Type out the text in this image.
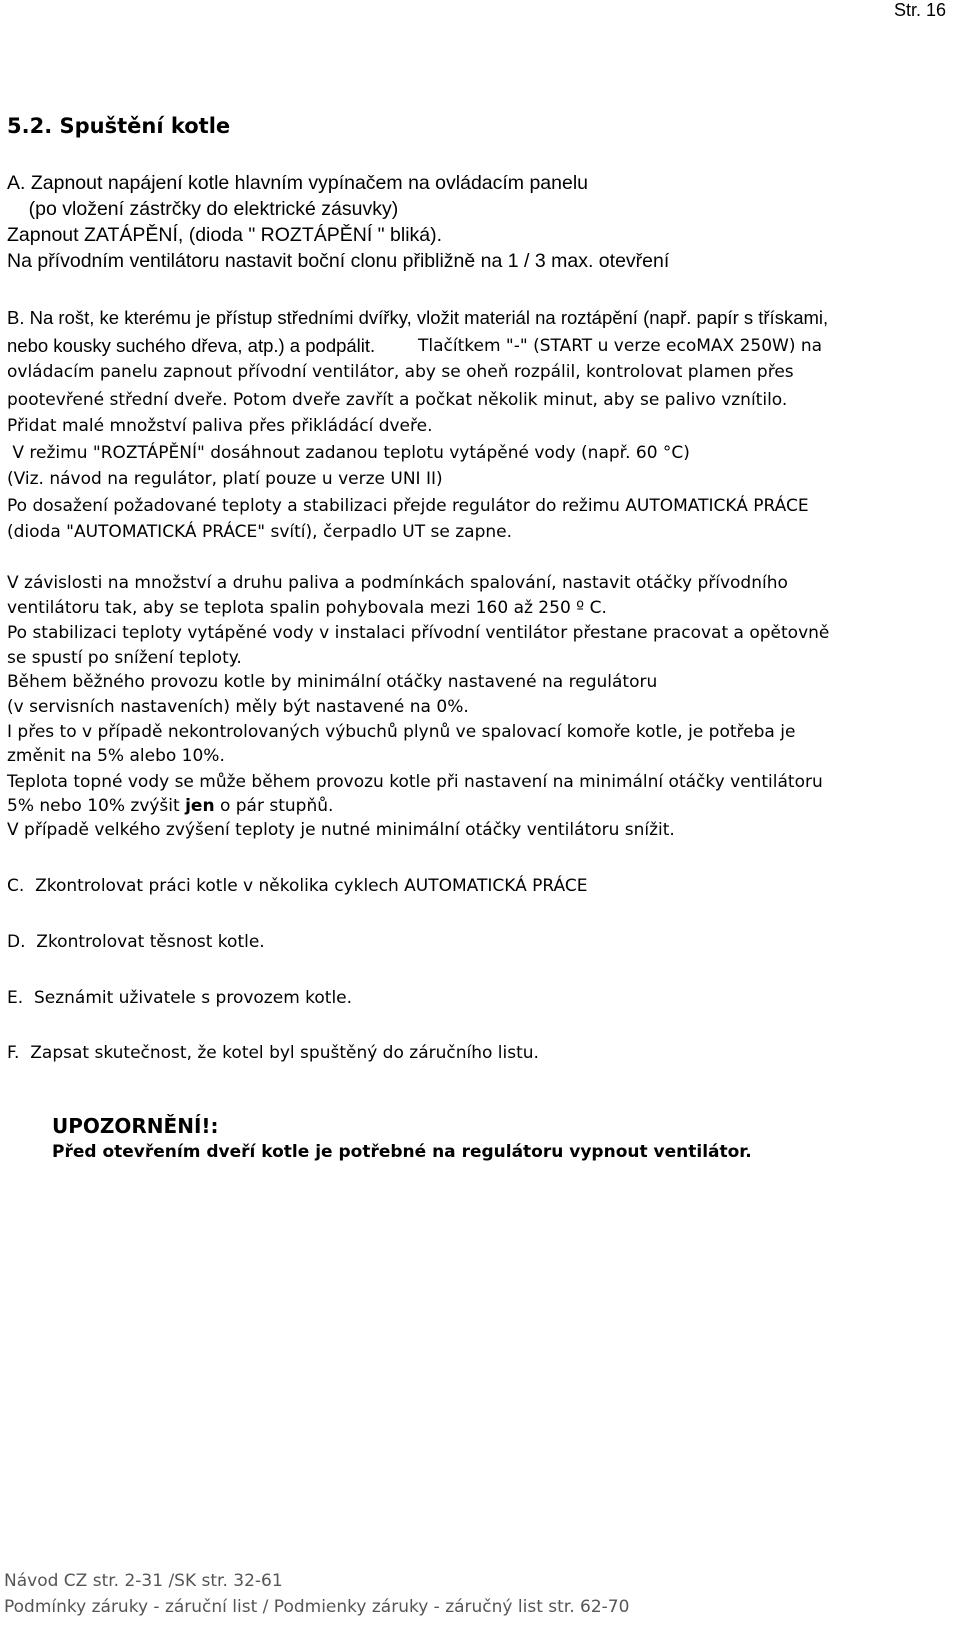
Str. 16
5.2. Spuštění kotle
A. Zapnout napájení kotle hlavním vypínačem na ovládacím panelu
(po vložení zástrčky do elektrické zásuvky)
Zapnout ZATÁPĚNÍ, (dioda " ROZTÁPĚNÍ " bliká).
Na přívodním ventilátoru nastavit boční clonu přibližně na 1 / 3 max. otevření
B. Na rošt, ke kterému je přístup středními dvířky, vložit materiál na roztápění (např. papír s třískami,
nebo kousky suchého dřeva, atp.) a podpálit.	Tlačítkem "-" (START u verze ecoMAX 250W) na
ovládacím panelu zapnout přívodní ventilátor, aby se oheň rozpálil, kontrolovat plamen přes
pootevřené střední dveře. Potom dveře zavřít a počkat několik minut, aby se palivo vznítilo.
Přidat malé množství paliva přes přikládácí dveře.
V režimu "ROZTÁPĚNÍ" dosáhnout zadanou teplotu vytápěné vody (např. 60 °C)
(Viz. návod na regulátor, platí pouze u verze UNI II)
Po dosažení požadované teploty a stabilizaci přejde regulátor do režimu AUTOMATICKÁ PRÁCE
(dioda "AUTOMATICKÁ PRÁCE" svítí), čerpadlo UT se zapne.
V závislosti na množství a druhu paliva a podmínkách spalování, nastavit otáčky přívodního
ventilátoru tak, aby se teplota spalin pohybovala mezi 160 až 250 º C.
Po stabilizaci teploty vytápěné vody v instalaci přívodní ventilátor přestane pracovat a opětovně
se spustí po snížení teploty.
Během běžného provozu kotle by minimální otáčky nastavené na regulátoru
(v servisních nastaveních) měly být nastavené na 0%.
I přes to v případě nekontrolovaných výbuchů plynů ve spalovací komoře kotle, je potřeba je
změnit na 5% alebo 10%.
Teplota topné vody se může během provozu kotle při nastavení na minimální otáčky ventilátoru
5% nebo 10% zvýšit jen o pár stupňů.
V případě velkého zvýšení teploty je nutné minimální otáčky ventilátoru snížit.
C.  Zkontrolovat práci kotle v několika cyklech AUTOMATICKÁ PRÁCE
D.  Zkontrolovat těsnost kotle.
E.  Seznámit uživatele s provozem kotle.
F.  Zapsat skutečnost, že kotel byl spuštěný do záručního listu.
UPOZORNĚNÍ!:
Před otevřením dveří kotle je potřebné na regulátoru vypnout ventilátor.
Návod CZ str. 2-31 /SK str. 32-61
Podmínky záruky - záruční list / Podmienky záruky - záručný list str. 62-70
